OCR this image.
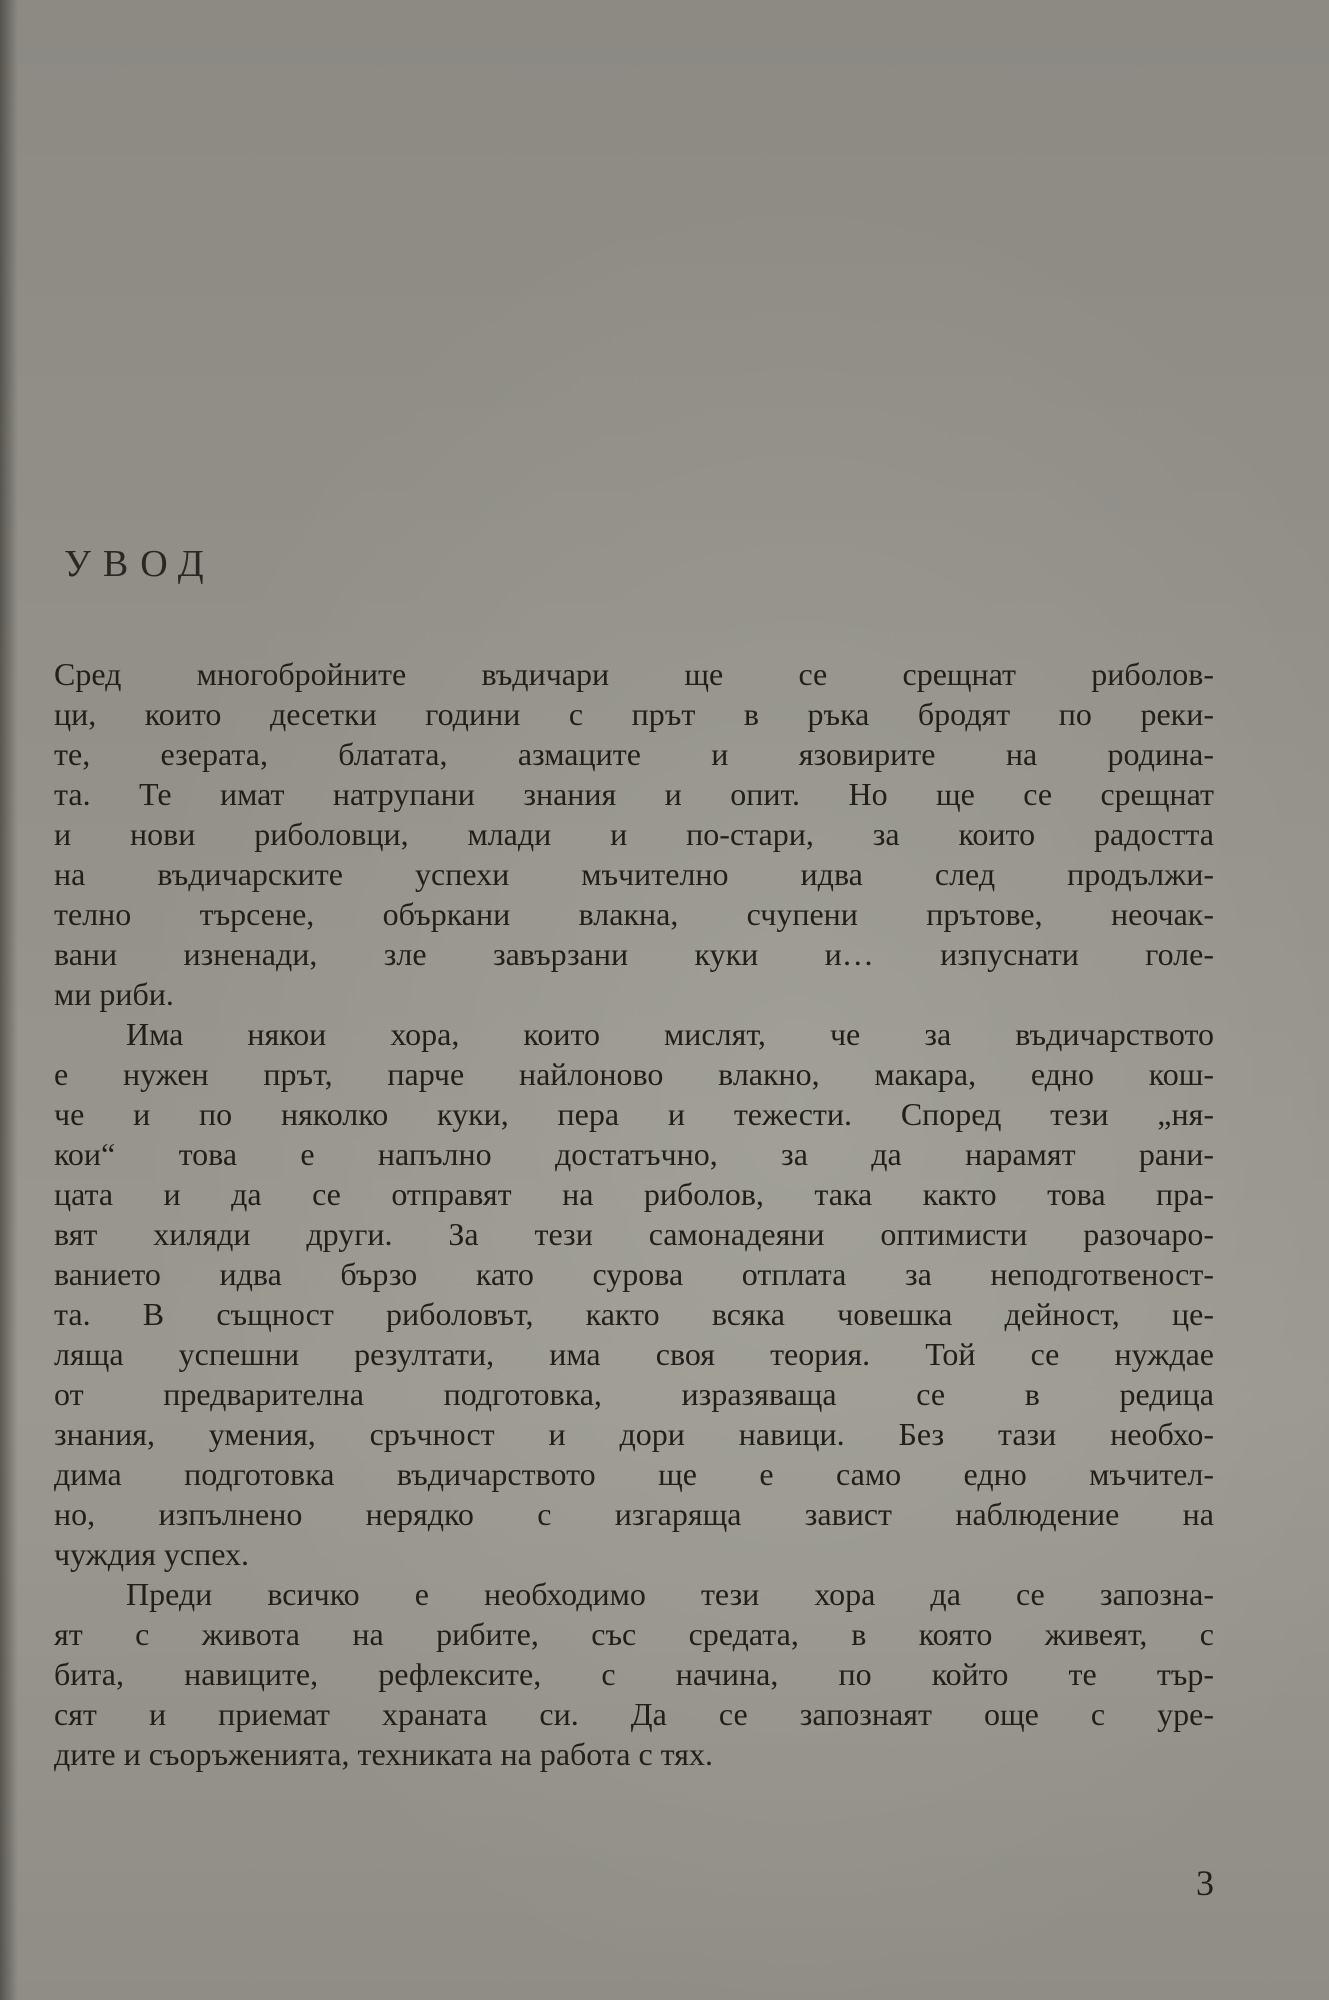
УВОД
Сред многобройните въдичари ще се срещнат риболов-
ци, които десетки години с прът в ръка бродят по реки-
те, езерата, блатата, азмаците и язовирите на родина-
та. Те имат натрупани знания и опит. Но ще се срещнат
и нови риболовци, млади и по-стари, за които радостта
на въдичарските успехи мъчително идва след продължи-
телно търсене, объркани влакна, счупени прътове, неочак-
вани изненади, зле завързани куки и… изпуснати голе-
ми риби.
Има някои хора, които мислят, че за въдичарството
е нужен прът, парче найлоново влакно, макара, едно кош-
че и по няколко куки, пера и тежести. Според тези „ня-
кои“ това е напълно достатъчно, за да нарамят рани-
цата и да се отправят на риболов, така както това пра-
вят хиляди други. За тези самонадеяни оптимисти разочаро-
ванието идва бързо като сурова отплата за неподготвеност-
та. В същност риболовът, както всяка човешка дейност, це-
ляща успешни резултати, има своя теория. Той се нуждае
от предварителна подготовка, изразяваща се в редица
знания, умения, сръчност и дори навици. Без тази необхо-
дима подготовка въдичарството ще е само едно мъчител-
но, изпълнено нерядко с изгаряща завист наблюдение на
чуждия успех.
Преди всичко е необходимо тези хора да се запозна-
ят с живота на рибите, със средата, в която живеят, с
бита, навиците, рефлексите, с начина, по който те тър-
сят и приемат храната си. Да се запознаят още с уре-
дите и съоръженията, техниката на работа с тях.
3
